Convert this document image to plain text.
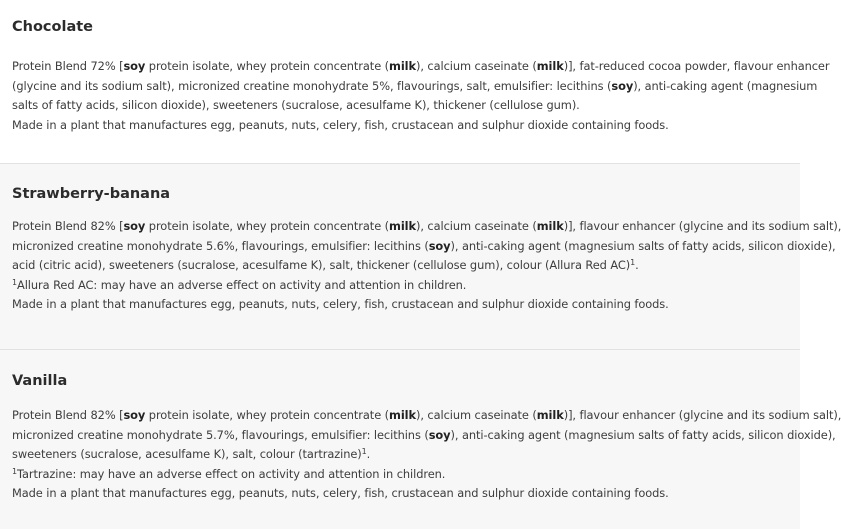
Chocolate
Protein Blend 72% [soy protein isolate, whey protein concentrate (milk), calcium caseinate (milk)], fat-reduced cocoa powder, flavour enhancer
(glycine and its sodium salt), micronized creatine monohydrate 5%, flavourings, salt, emulsifier: lecithins (soy), anti-caking agent (magnesium
salts of fatty acids, silicon dioxide), sweeteners (sucralose, acesulfame K), thickener (cellulose gum).
Made in a plant that manufactures egg, peanuts, nuts, celery, fish, crustacean and sulphur dioxide containing foods.
Strawberry-banana
Protein Blend 82% [soy protein isolate, whey protein concentrate (milk), calcium caseinate (milk)], flavour enhancer (glycine and its sodium salt),
micronized creatine monohydrate 5.6%, flavourings, emulsifier: lecithins (soy), anti-caking agent (magnesium salts of fatty acids, silicon dioxide),
acid (citric acid), sweeteners (sucralose, acesulfame K), salt, thickener (cellulose gum), colour (Allura Red AC)$^1$.
$^1$Allura Red AC: may have an adverse effect on activity and attention in children.
Made in a plant that manufactures egg, peanuts, nuts, celery, fish, crustacean and sulphur dioxide containing foods.
Vanilla
Protein Blend 82% [soy protein isolate, whey protein concentrate (milk), calcium caseinate (milk)], flavour enhancer (glycine and its sodium salt),
micronized creatine monohydrate 5.7%, flavourings, emulsifier: lecithins (soy), anti-caking agent (magnesium salts of fatty acids, silicon dioxide),
sweeteners (sucralose, acesulfame K), salt, colour (tartrazine)$^1$.
$^1$Tartrazine: may have an adverse effect on activity and attention in children.
Made in a plant that manufactures egg, peanuts, nuts, celery, fish, crustacean and sulphur dioxide containing foods.
